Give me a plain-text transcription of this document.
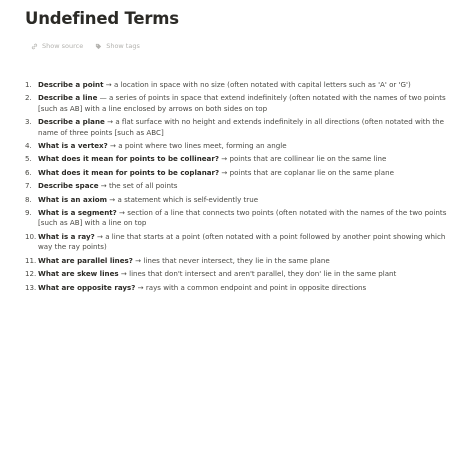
Undefined Terms
Show source	Show tags
1. Describe a point → a location in space with no size (often notated with capital letters such as 'A' or 'G')
2. Describe a line — a series of points in space that extend indefinitely (often notated with the names of two points [such as AB] with a line enclosed by arrows on both sides on top
3. Describe a plane → a flat surface with no height and extends indefinitely in all directions (often notated with the name of three points [such as ABC]
4. What is a vertex? → a point where two lines meet, forming an angle
5. What does it mean for points to be collinear? → points that are collinear lie on the same line
6. What does it mean for points to be coplanar? → points that are coplanar lie on the same plane
7. Describe space → the set of all points
8. What is an axiom → a statement which is self-evidently true
9. What is a segment? → section of a line that connects two points (often notated with the names of the two points [such as AB] with a line on top
10. What is a ray? → a line that starts at a point (often notated with a point followed by another point showing which way the ray points)
11. What are parallel lines? → lines that never intersect, they lie in the same plane
12. What are skew lines → lines that don't intersect and aren't parallel, they don' lie in the same plant
13. What are opposite rays? → rays with a common endpoint and point in opposite directions
